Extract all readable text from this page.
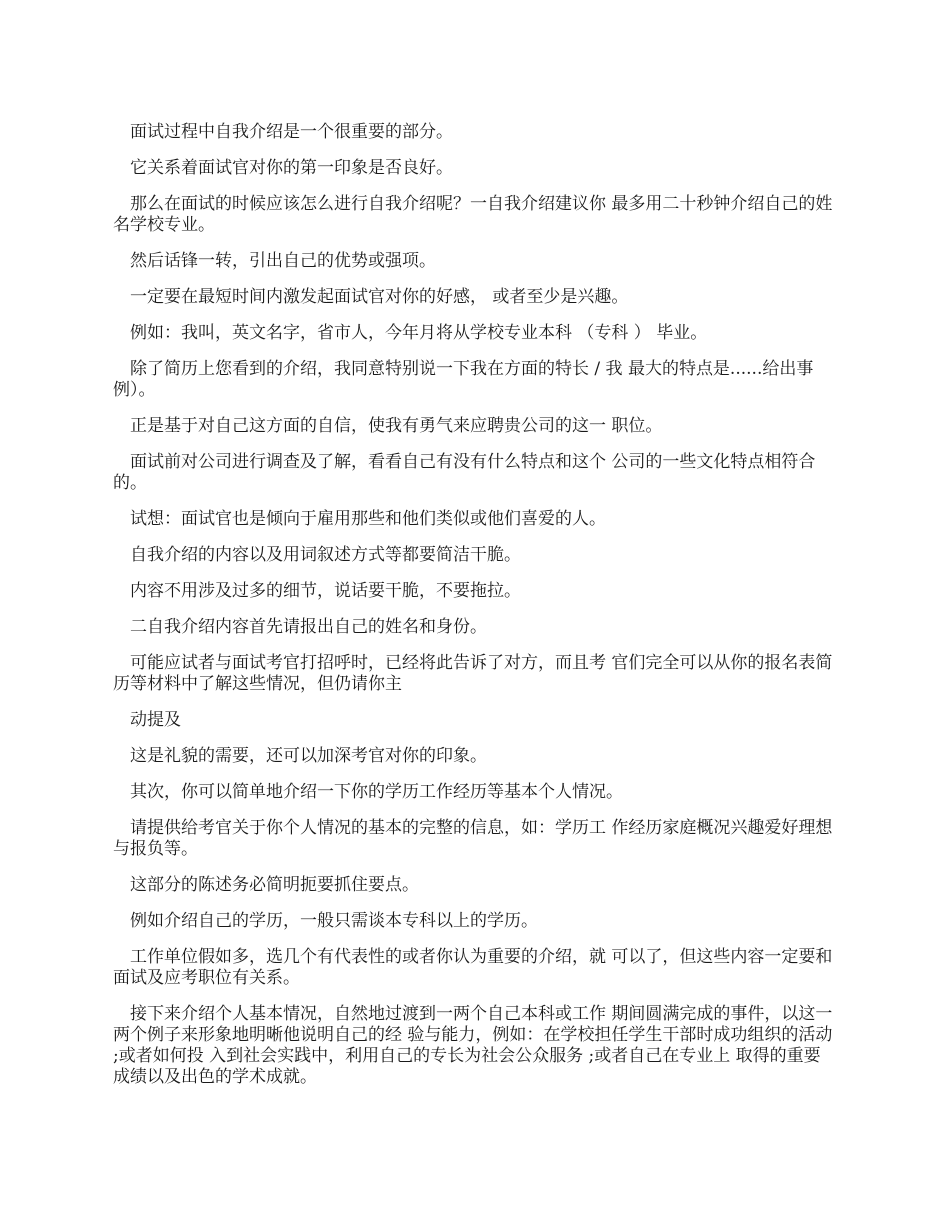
面试过程中自我介绍是一个很重要的部分。

它关系着面试官对你的第一印象是否良好。

那么在面试的时候应该怎么进行自我介绍呢？一自我介绍建议你 最多用二十秒钟介绍自己的姓名学校专业。

然后话锋一转，引出自己的优势或强项。

一定要在最短时间内激发起面试官对你的好感， 或者至少是兴趣。

例如：我叫，英文名字，省市人，今年月将从学校专业本科 （专科 ） 毕业。

除了简历上您看到的介绍，我同意特别说一下我在方面的特长 / 我 最大的特点是......给出事例）。

正是基于对自己这方面的自信，使我有勇气来应聘贵公司的这一 职位。

面试前对公司进行调查及了解，看看自己有没有什么特点和这个 公司的一些文化特点相符合的。

试想：面试官也是倾向于雇用那些和他们类似或他们喜爱的人。

自我介绍的内容以及用词叙述方式等都要简洁干脆。

内容不用涉及过多的细节，说话要干脆，不要拖拉。

二自我介绍内容首先请报出自己的姓名和身份。

可能应试者与面试考官打招呼时，已经将此告诉了对方，而且考 官们完全可以从你的报名表简历等材料中了解这些情况，但仍请你主

动提及

这是礼貌的需要，还可以加深考官对你的印象。

其次，你可以简单地介绍一下你的学历工作经历等基本个人情况。

请提供给考官关于你个人情况的基本的完整的信息，如：学历工 作经历家庭概况兴趣爱好理想与报负等。

这部分的陈述务必简明扼要抓住要点。

例如介绍自己的学历，一般只需谈本专科以上的学历。

工作单位假如多，选几个有代表性的或者你认为重要的介绍，就 可以了，但这些内容一定要和面试及应考职位有关系。

接下来介绍个人基本情况，自然地过渡到一两个自己本科或工作 期间圆满完成的事件，以这一两个例子来形象地明晰他说明自己的经 验与能力，例如：在学校担任学生干部时成功组织的活动 ;或者如何投 入到社会实践中，利用自己的专长为社会公众服务 ;或者自己在专业上 取得的重要成绩以及出色的学术成就。
